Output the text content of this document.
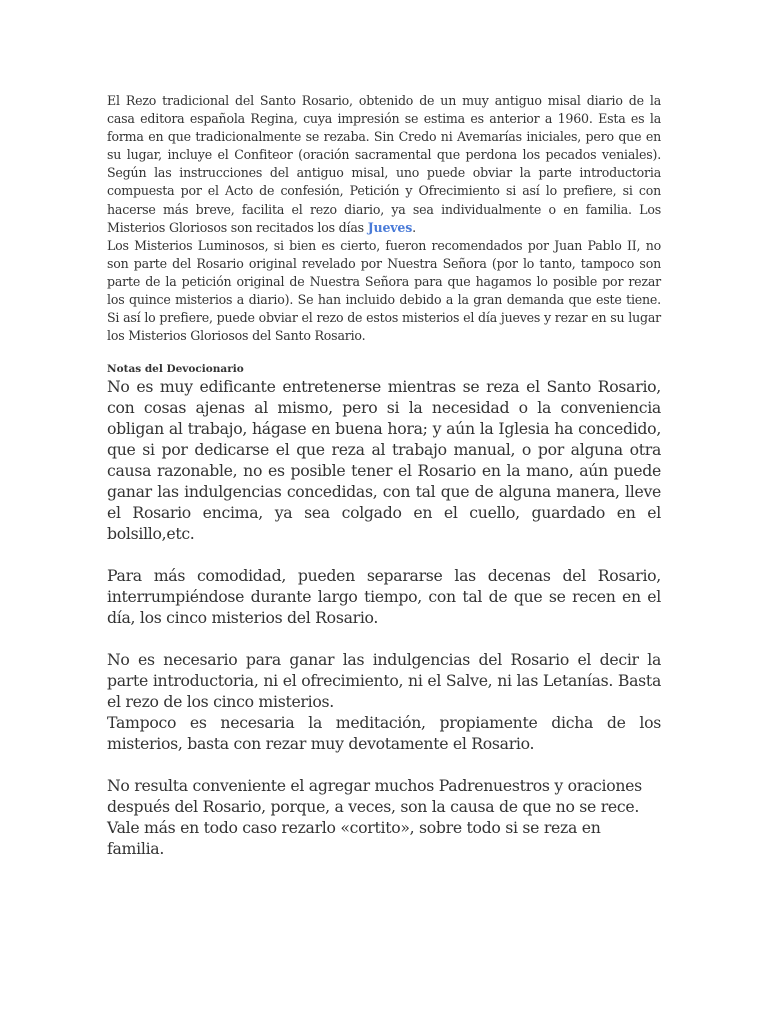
El Rezo tradicional del Santo Rosario, obtenido de un muy antiguo misal diario de la casa editora española Regina, cuya impresión se estima es anterior a 1960. Esta es la forma en que tradicionalmente se rezaba. Sin Credo ni Avemarías iniciales, pero que en su lugar, incluye el Confiteor (oración sacramental que perdona los pecados veniales). Según las instrucciones del antiguo misal, uno puede obviar la parte introductoria compuesta por el Acto de confesión, Petición y Ofrecimiento si así lo prefiere, si con hacerse más breve, facilita el rezo diario, ya sea individualmente o en familia. Los Misterios Gloriosos son recitados los días Jueves.
Los Misterios Luminosos, si bien es cierto, fueron recomendados por Juan Pablo II, no son parte del Rosario original revelado por Nuestra Señora (por lo tanto, tampoco son parte de la petición original de Nuestra Señora para que hagamos lo posible por rezar los quince misterios a diario). Se han incluido debido a la gran demanda que este tiene. Si así lo prefiere, puede obviar el rezo de estos misterios el día jueves y rezar en su lugar los Misterios Gloriosos del Santo Rosario.

Notas del Devocionario

No es muy edificante entretenerse mientras se reza el Santo Rosario, con cosas ajenas al mismo, pero si la necesidad o la conveniencia obligan al trabajo, hágase en buena hora; y aún la Iglesia ha concedido, que si por dedicarse el que reza al trabajo manual, o por alguna otra causa razonable, no es posible tener el Rosario en la mano, aún puede ganar las indulgencias concedidas, con tal que de alguna manera, lleve el Rosario encima, ya sea colgado en el cuello, guardado en el bolsillo,etc.

Para más comodidad, pueden separarse las decenas del Rosario, interrumpiéndose durante largo tiempo, con tal de que se recen en el día, los cinco misterios del Rosario.

No es necesario para ganar las indulgencias del Rosario el decir la parte introductoria, ni el ofrecimiento, ni el Salve, ni las Letanías. Basta el rezo de los cinco misterios.
Tampoco es necesaria la meditación, propiamente dicha de los misterios, basta con rezar muy devotamente el Rosario.

No resulta conveniente el agregar muchos Padrenuestros y oraciones después del Rosario, porque, a veces, son la causa de que no se rece. Vale más en todo caso rezarlo «cortito», sobre todo si se reza en familia.
